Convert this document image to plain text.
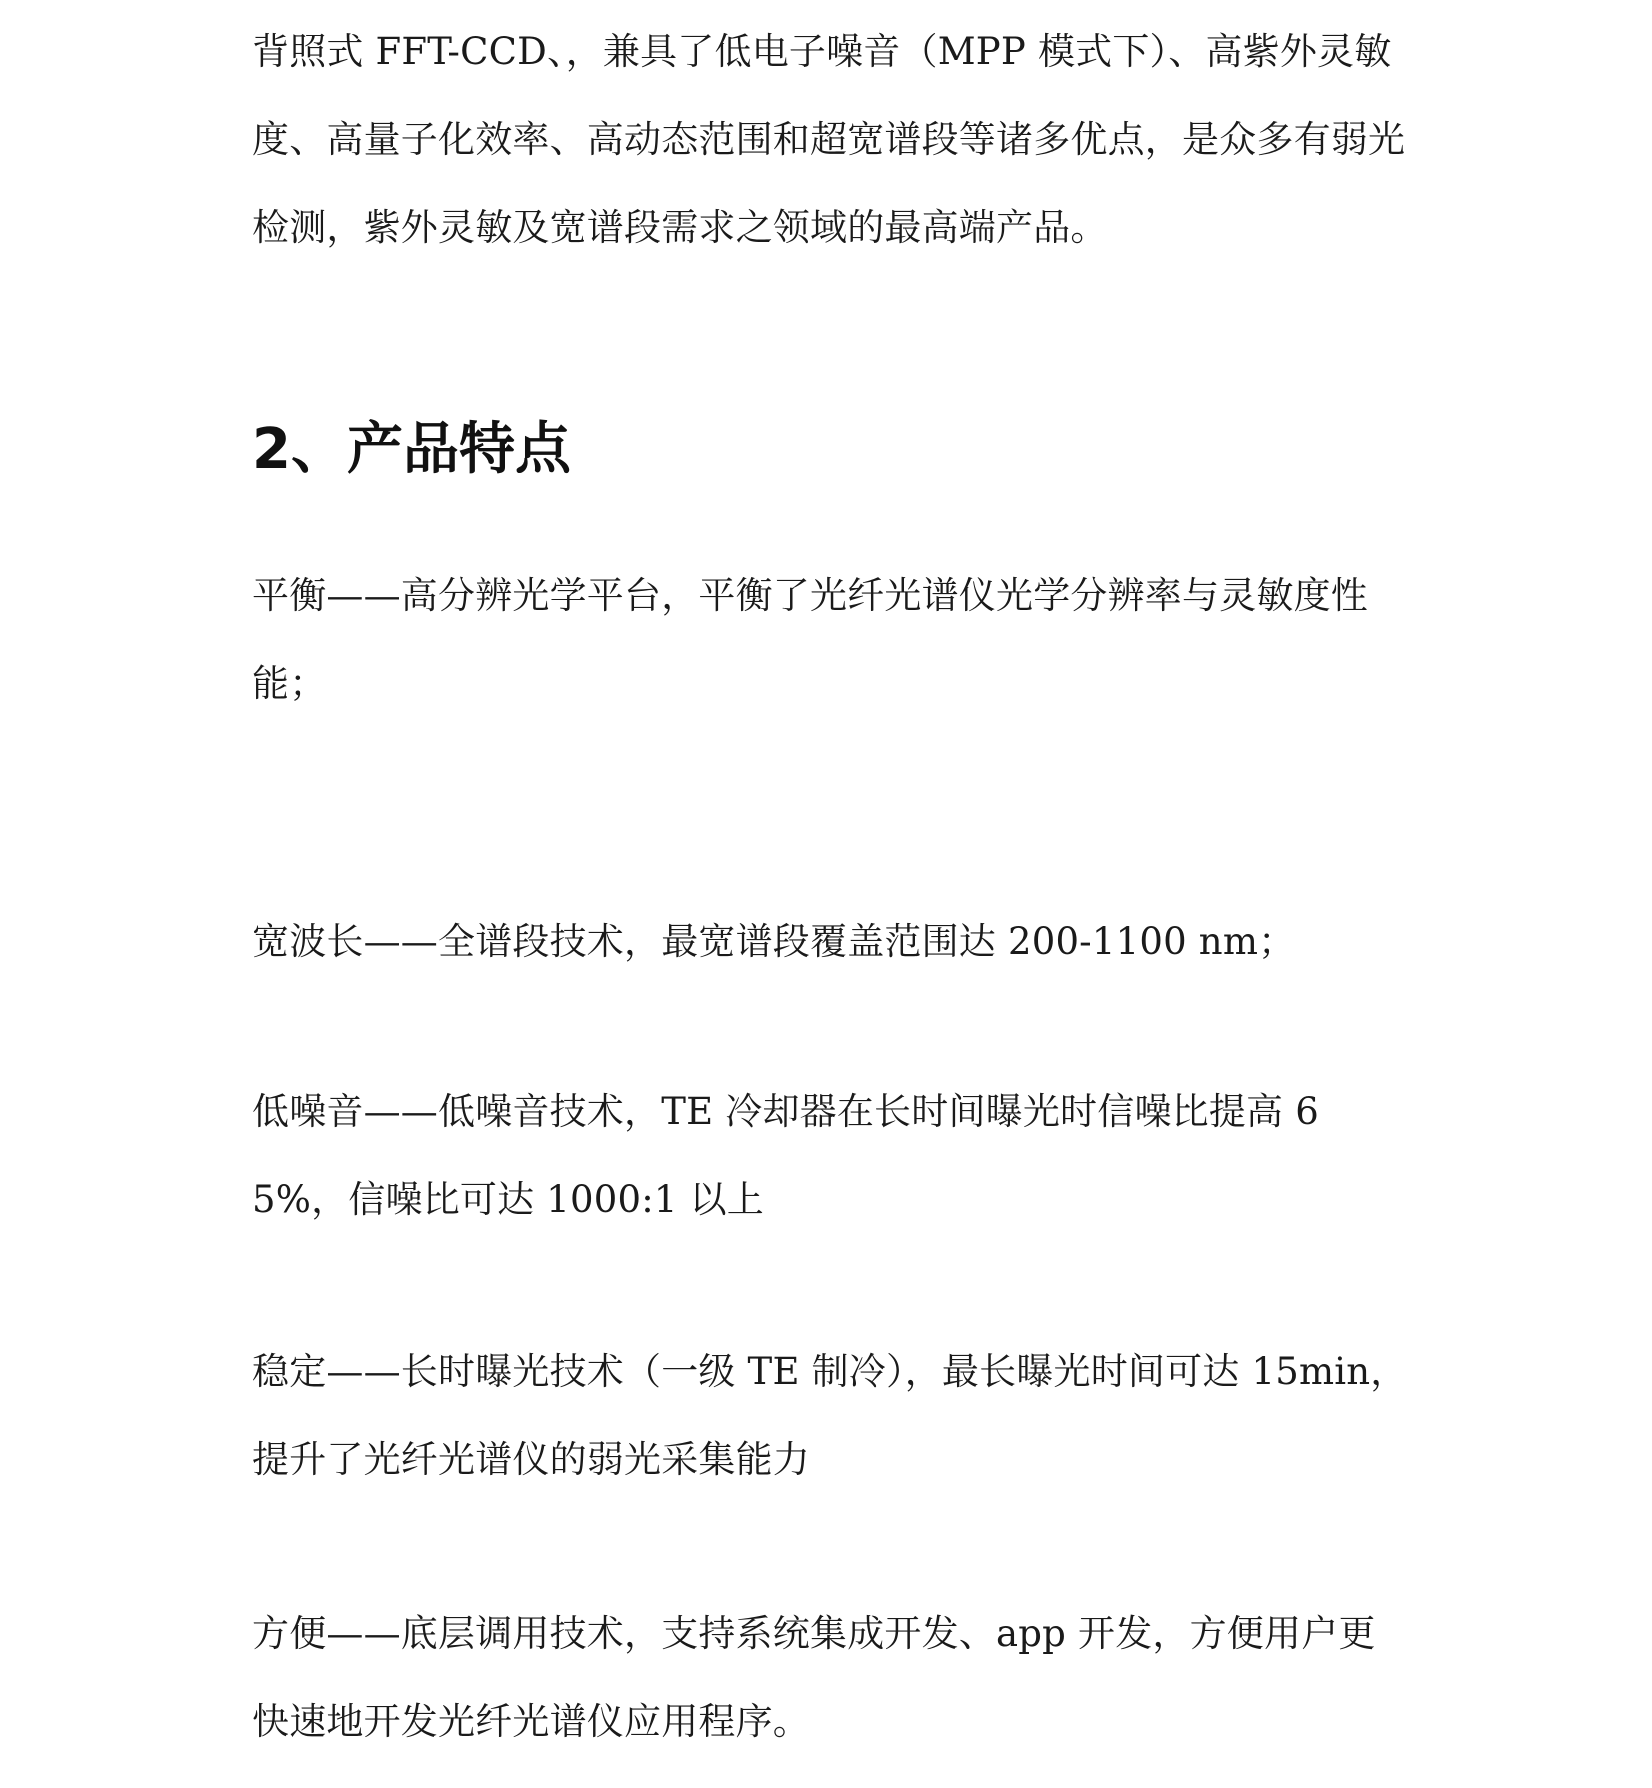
背照式 FFT-CCD、，兼具了低电子噪音（MPP 模式下）、高紫外灵敏度、高量子化效率、高动态范围和超宽谱段等诸多优点，是众多有弱光检测，紫外灵敏及宽谱段需求之领域的最高端产品。

2、产品特点

平衡——高分辨光学平台，平衡了光纤光谱仪光学分辨率与灵敏度性能；

宽波长——全谱段技术，最宽谱段覆盖范围达 200-1100 nm；

低噪音——低噪音技术，TE 冷却器在长时间曝光时信噪比提高 65%，信噪比可达 1000:1 以上

稳定——长时曝光技术（一级 TE 制冷），最长曝光时间可达 15min，提升了光纤光谱仪的弱光采集能力

方便——底层调用技术，支持系统集成开发、app 开发，方便用户更快速地开发光纤光谱仪应用程序。
